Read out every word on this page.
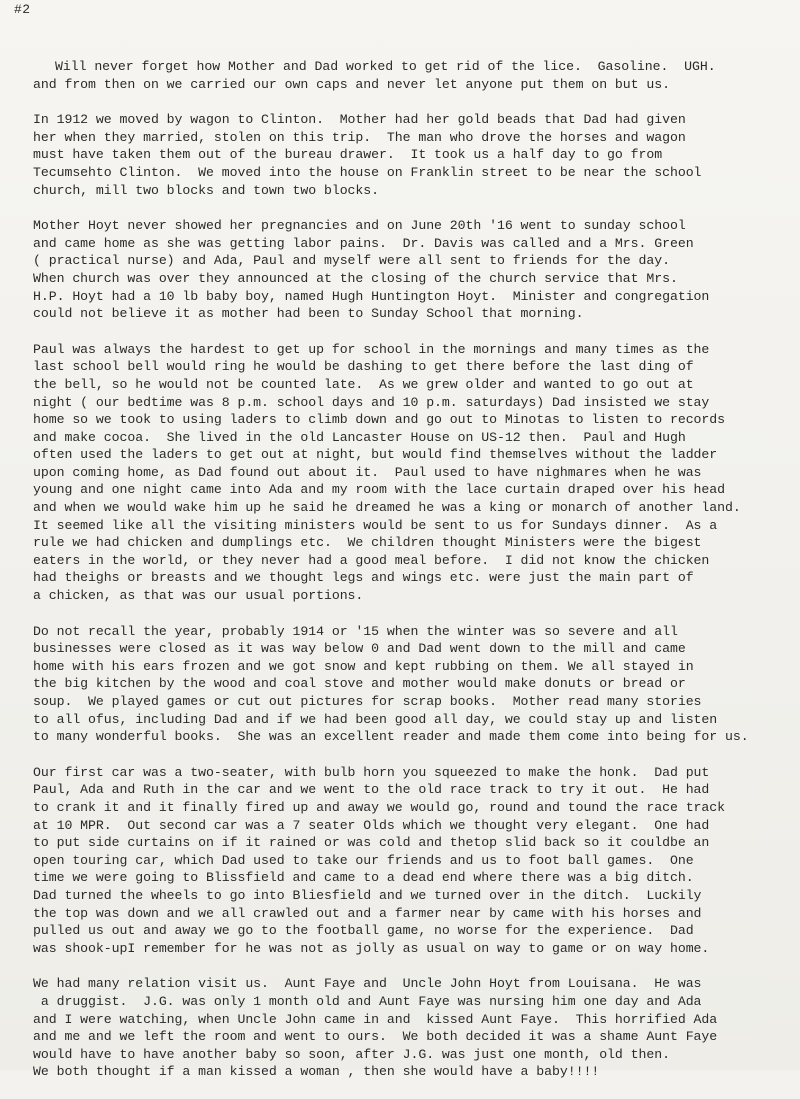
#2
Will never forget how Mother and Dad worked to get rid of the lice.  Gasoline.  UGH.
and from then on we carried our own caps and never let anyone put them on but us.
In 1912 we moved by wagon to Clinton.  Mother had her gold beads that Dad had given
her when they married, stolen on this trip.  The man who drove the horses and wagon
must have taken them out of the bureau drawer.  It took us a half day to go from
Tecumsehto Clinton.  We moved into the house on Franklin street to be near the school
church, mill two blocks and town two blocks.
Mother Hoyt never showed her pregnancies and on June 20th '16 went to sunday school
and came home as she was getting labor pains.  Dr. Davis was called and a Mrs. Green
( practical nurse) and Ada, Paul and myself were all sent to friends for the day.
When church was over they announced at the closing of the church service that Mrs.
H.P. Hoyt had a 10 lb baby boy, named Hugh Huntington Hoyt.  Minister and congregation
could not believe it as mother had been to Sunday School that morning.
Paul was always the hardest to get up for school in the mornings and many times as the
last school bell would ring he would be dashing to get there before the last ding of
the bell, so he would not be counted late.  As we grew older and wanted to go out at
night ( our bedtime was 8 p.m. school days and 10 p.m. saturdays) Dad insisted we stay
home so we took to using laders to climb down and go out to Minotas to listen to records
and make cocoa.  She lived in the old Lancaster House on US-12 then.  Paul and Hugh
often used the laders to get out at night, but would find themselves without the ladder
upon coming home, as Dad found out about it.  Paul used to have nighmares when he was
young and one night came into Ada and my room with the lace curtain draped over his head
and when we would wake him up he said he dreamed he was a king or monarch of another land.
It seemed like all the visiting ministers would be sent to us for Sundays dinner.  As a
rule we had chicken and dumplings etc.  We children thought Ministers were the bigest
eaters in the world, or they never had a good meal before.  I did not know the chicken
had theighs or breasts and we thought legs and wings etc. were just the main part of
a chicken, as that was our usual portions.
Do not recall the year, probably 1914 or '15 when the winter was so severe and all
businesses were closed as it was way below 0 and Dad went down to the mill and came
home with his ears frozen and we got snow and kept rubbing on them. We all stayed in
the big kitchen by the wood and coal stove and mother would make donuts or bread or
soup.  We played games or cut out pictures for scrap books.  Mother read many stories
to all ofus, including Dad and if we had been good all day, we could stay up and listen
to many wonderful books.  She was an excellent reader and made them come into being for us.
Our first car was a two-seater, with bulb horn you squeezed to make the honk.  Dad put
Paul, Ada and Ruth in the car and we went to the old race track to try it out.  He had
to crank it and it finally fired up and away we would go, round and tound the race track
at 10 MPR.  Out second car was a 7 seater Olds which we thought very elegant.  One had
to put side curtains on if it rained or was cold and thetop slid back so it couldbe an
open touring car, which Dad used to take our friends and us to foot ball games.  One
time we were going to Blissfield and came to a dead end where there was a big ditch.
Dad turned the wheels to go into Bliesfield and we turned over in the ditch.  Luckily
the top was down and we all crawled out and a farmer near by came with his horses and
pulled us out and away we go to the football game, no worse for the experience.  Dad
was shook-upI remember for he was not as jolly as usual on way to game or on way home.
We had many relation visit us.  Aunt Faye and  Uncle John Hoyt from Louisana.  He was
a druggist.  J.G. was only 1 month old and Aunt Faye was nursing him one day and Ada
and I were watching, when Uncle John came in and  kissed Aunt Faye.  This horrified Ada
and me and we left the room and went to ours.  We both decided it was a shame Aunt Faye
would have to have another baby so soon, after J.G. was just one month, old then.
We both thought if a man kissed a woman , then she would have a baby!!!!
